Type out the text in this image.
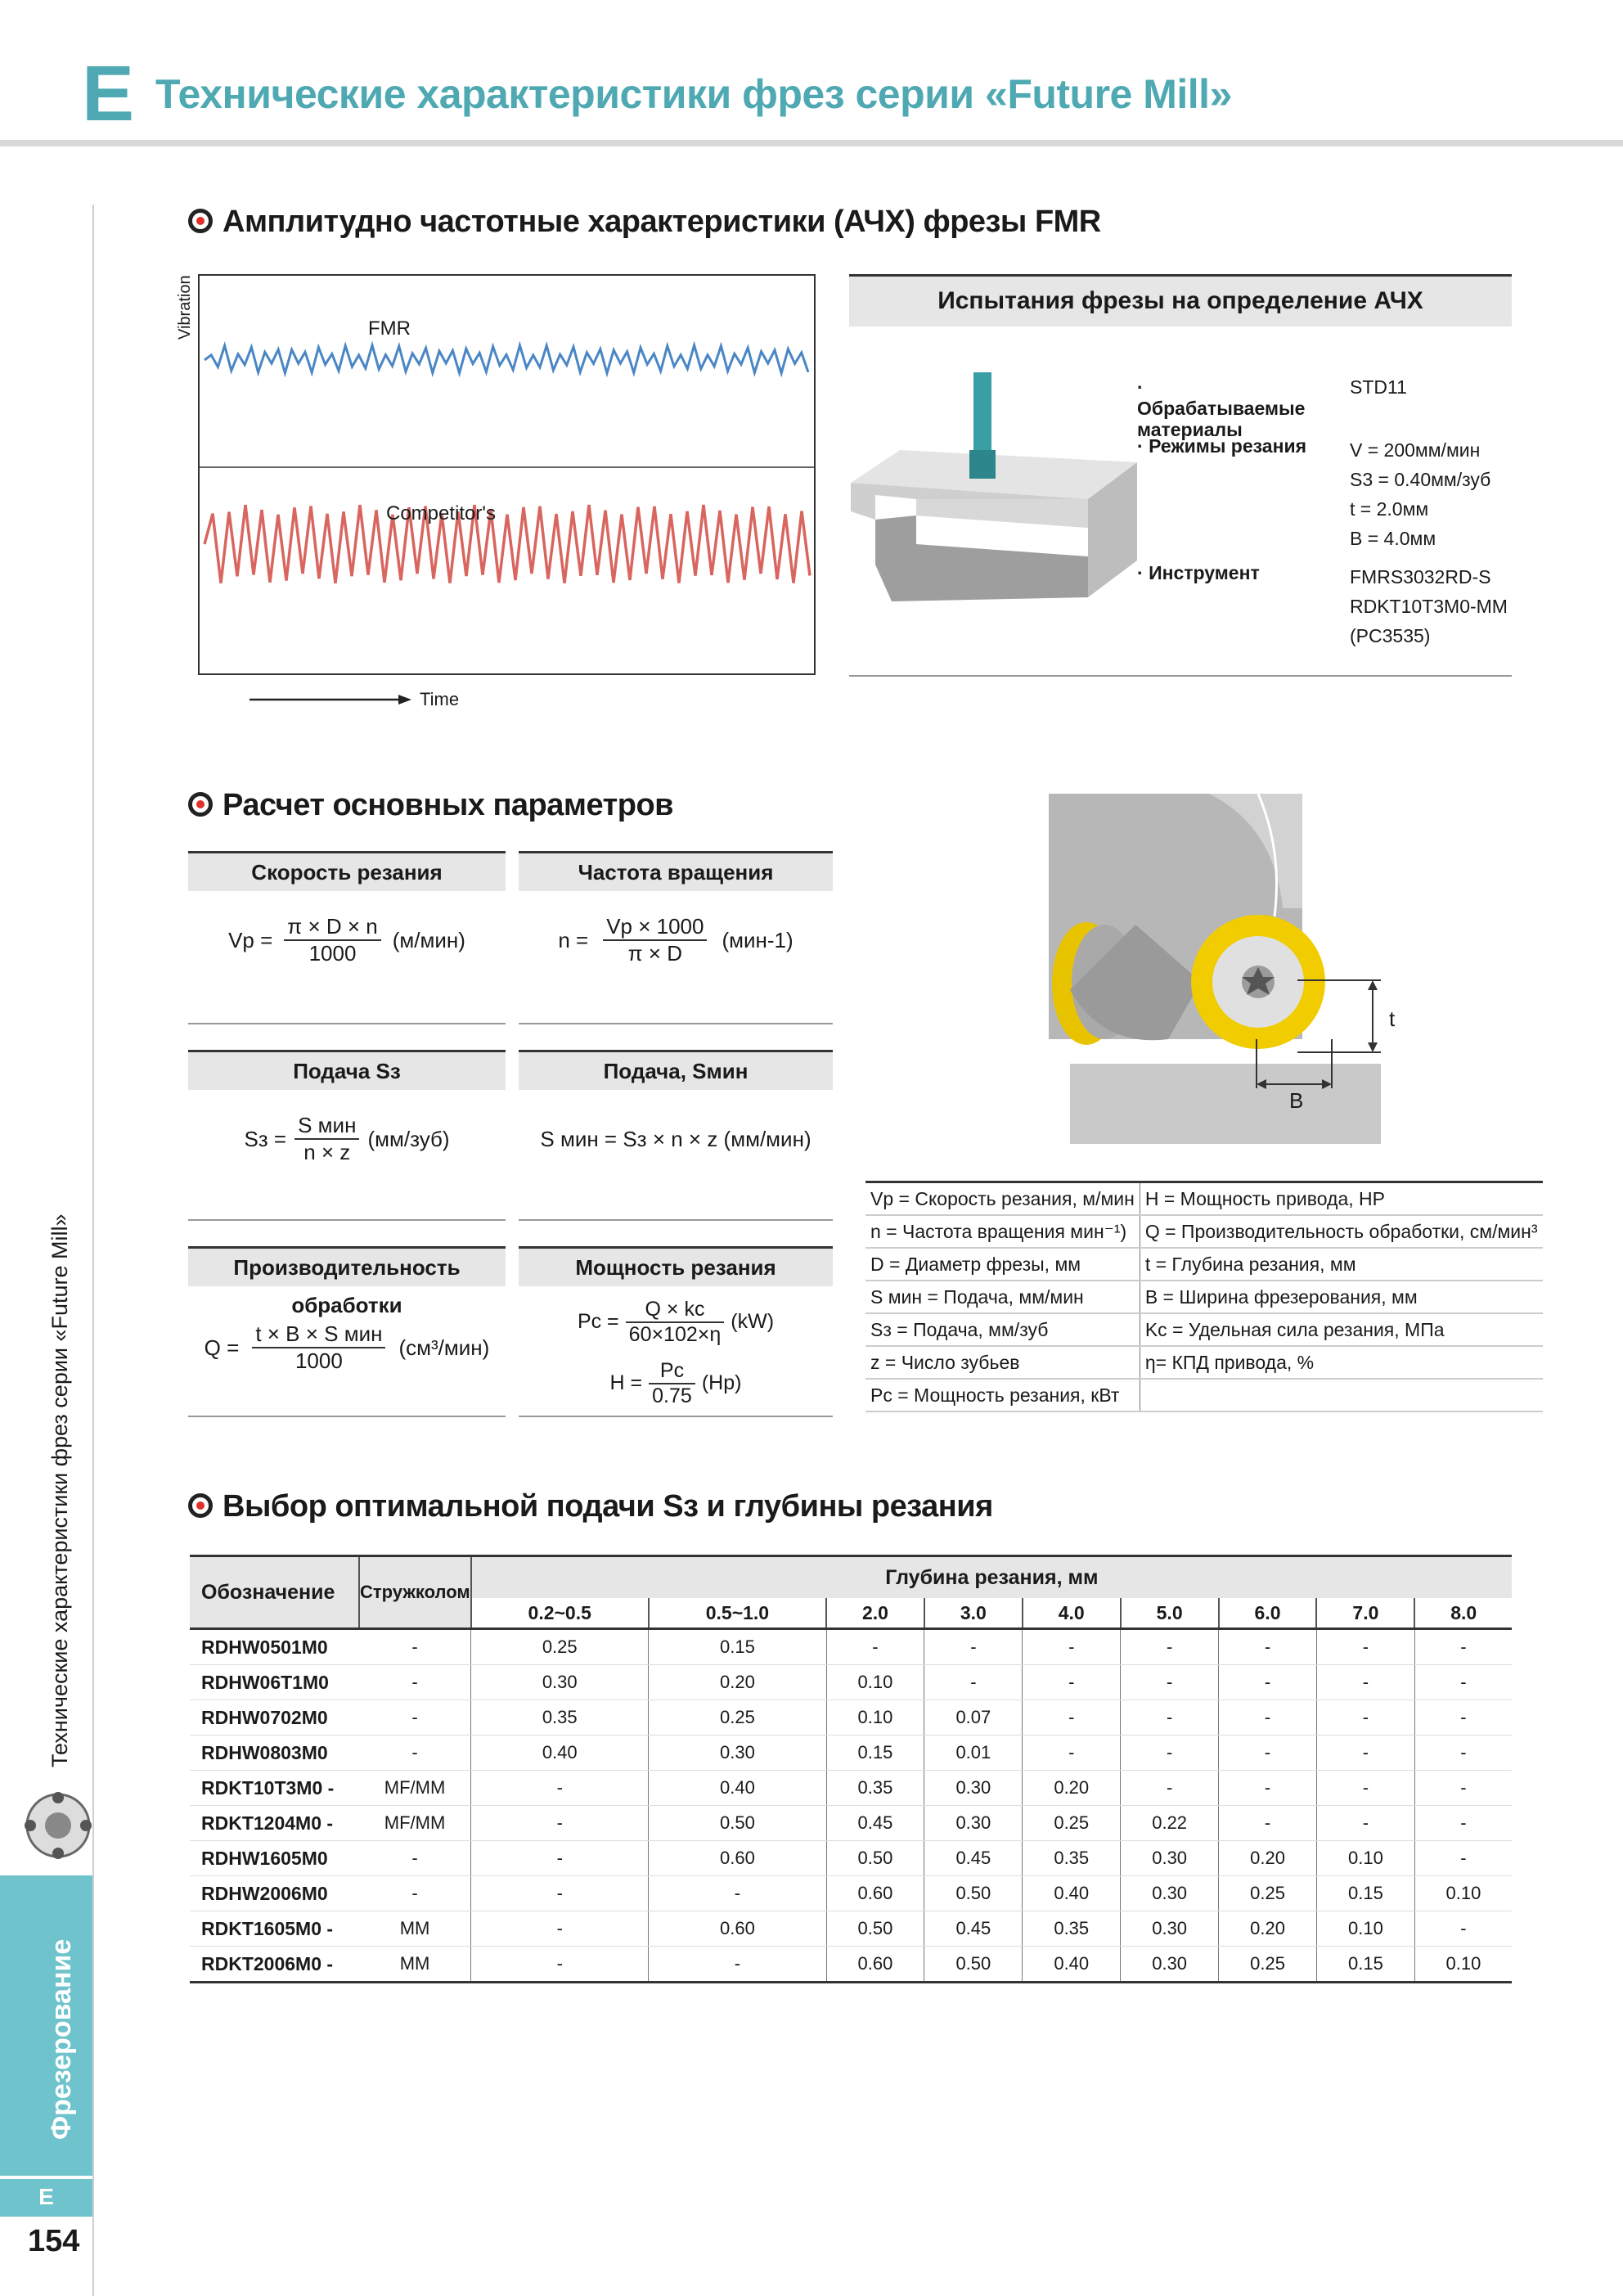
E Технические характеристики фрез серии «Future Mill»
Технические характеристики фрез серии «Future Mill»
Фрезерование
E
154
Амплитудно частотные характеристики (АЧХ) фрезы FMR
Vibration	FMR
Competitor's
Time
Испытания фрезы на определение АЧХ
· Обрабатываемые материалы
STD11
· Режимы резания V = 200мм/мин
S3 = 0.40мм/зуб
t = 2.0мм
B = 4.0мм
· Инструмент	FMRS3032RD-S
RDKT10T3M0-MM
(PC3535)
Расчет основных параметров
Скорость резания
$Vp = \frac{\pi \times D \times n}{1000} (м/мин)$
Частота вращения
$n = \frac{Vp \times 1000}{\pi \times D} (мин-1)$
Подача Sз
Sз = $\frac{\text{S мин}}{n \times z} (мм/зуб)$
Подача, Sмин
S мин = Sз × n × z (мм/мин)
Производительность обработки
$Q = \frac{\text{t × B × S мин}}{1000} (см^3/мин)$
Мощность резания
$Pc = \frac{Q \times kc}{60\times 102\times\eta} (kW)$
$H = \frac{Pc}{0.75} (Hp)$
t
B
Vp = Скорость резания, м/мин	H = Мощность привода, HP
n = Частота вращения мин⁻¹)	Q = Производительность обработки, см/мин³
D = Диаметр фрезы, мм	t = Глубина резания, мм
S мин = Подача, мм/мин	B = Ширина фрезерования, мм
Sз = Подача, мм/зуб	Kc = Удельная сила резания, МПа
z = Число зубьев	η= КПД привода, %
Pc = Мощность резания, кВт	
Выбор оптимальной подачи Sз и глубины резания
Обозначение	Стружколом	Глубина резания, мм								
		0.2~0.5	0.5~1.0	2.0	3.0	4.0	5.0	6.0	7.0	8.0
RDHW0501M0	-	0.25	0.15	-	-	-	-	-	-	-
RDHW06T1M0	-	0.30	0.20	0.10	-	-	-	-	-	-
RDHW0702M0	-	0.35	0.25	0.10	0.07	-	-	-	-	-
RDHW0803M0	-	0.40	0.30	0.15	0.01	-	-	-	-	-
RDKT10T3M0 -	MF/MM	-	0.40	0.35	0.30	0.20	-	-	-	-
RDKT1204M0 -	MF/MM	-	0.50	0.45	0.30	0.25	0.22	-	-	-
RDHW1605M0	-	-	0.60	0.50	0.45	0.35	0.30	0.20	0.10	-
RDHW2006M0	-	-	-	0.60	0.50	0.40	0.30	0.25	0.15	0.10
RDKT1605M0 -	MM	-	0.60	0.50	0.45	0.35	0.30	0.20	0.10	-
RDKT2006M0 -	MM	-	-	0.60	0.50	0.40	0.30	0.25	0.15	0.10
